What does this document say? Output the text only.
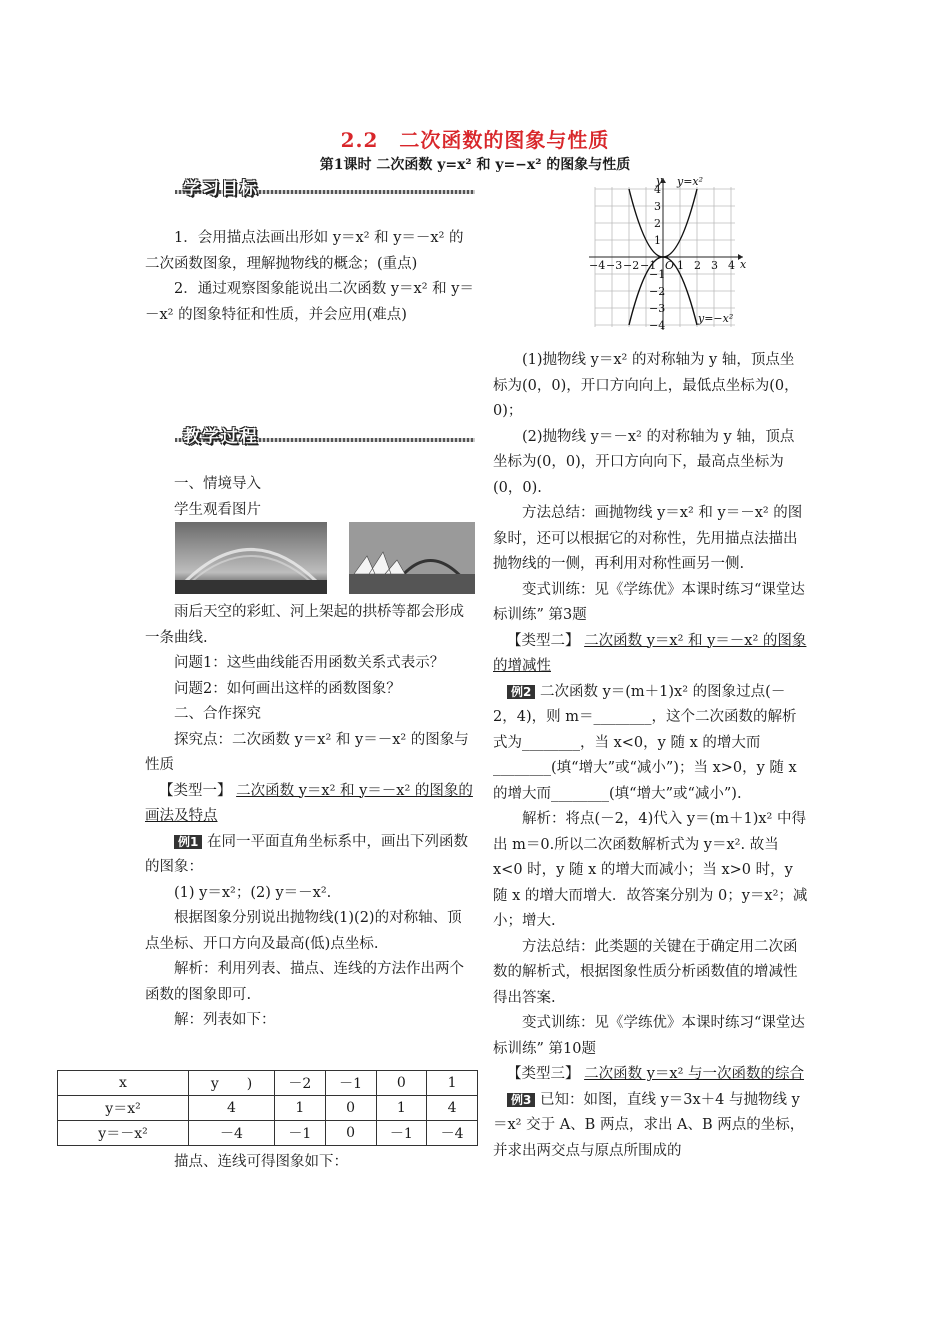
2.2　二次函数的图象与性质
第1课时 二次函数 y=x² 和 y=−x² 的图象与性质
学习目标

1．会用描点法画出形如 y＝x² 和 y＝－x² 的二次函数图象，理解抛物线的概念；(重点)

2．通过观察图象能说出二次函数 y＝x² 和 y＝－x² 的图象特征和性质，并会应用(难点)

教学过程

一、情境导入

学生观看图片

雨后天空的彩虹、河上架起的拱桥等都会形成一条曲线.

问题1：这些曲线能否用函数关系式表示？

问题2：如何画出这样的函数图象？

二、合作探究

探究点：二次函数 y＝x² 和 y＝－x² 的图象与性质

【类型一】 二次函数 y＝x² 和 y＝－x² 的图象的画法及特点

例1 在同一平面直角坐标系中，画出下列函数的图象：

(1) y＝x²；(2) y＝－x².

根据图象分别说出抛物线(1)(2)的对称轴、顶点坐标、开口方向及最高(低)点坐标.

解析：利用列表、描点、连线的方法作出两个函数的图象即可.

解：列表如下：

x	y　　)	－2	－1	0	1
y＝x²	4	1	0	1	4
y＝－x²	－4	－1	0	－1	－4

描点、连线可得图象如下：

y=x²
y=−x²
y
x
O
−4 −3 −2 −1 1 2 3 4
4
3
2
1
−1
−2
−3
−4

(1)抛物线 y＝x² 的对称轴为 y 轴，顶点坐标为(0，0)，开口方向向上，最低点坐标为(0，0)；

(2)抛物线 y＝－x² 的对称轴为 y 轴，顶点坐标为(0，0)，开口方向向下，最高点坐标为(0，0).

方法总结：画抛物线 y＝x² 和 y＝－x² 的图象时，还可以根据它的对称性，先用描点法描出抛物线的一侧，再利用对称性画另一侧.

变式训练：见《学练优》本课时练习“课堂达标训练” 第3题

【类型二】 二次函数 y＝x² 和 y＝－x² 的图象的增减性

例2 二次函数 y＝(m＋1)x² 的图象过点(－2，4)，则 m＝________，这个二次函数的解析式为________，当 x<0，y 随 x 的增大而________(填“增大”或“减小”)；当 x>0，y 随 x 的增大而________(填“增大”或“减小”).

解析：将点(－2，4)代入 y＝(m＋1)x² 中得出 m＝0.所以二次函数解析式为 y＝x². 故当 x<0 时，y 随 x 的增大而减小；当 x>0 时，y 随 x 的增大而增大．故答案分别为 0；y＝x²；减小；增大.

方法总结：此类题的关键在于确定用二次函数的解析式，根据图象性质分析函数值的增减性得出答案.

变式训练：见《学练优》本课时练习“课堂达标训练” 第10题

【类型三】 二次函数 y＝x² 与一次函数的综合

例3 已知：如图，直线 y＝3x＋4 与抛物线 y＝x² 交于 A、B 两点，求出 A、B 两点的坐标，并求出两交点与原点所围成的
